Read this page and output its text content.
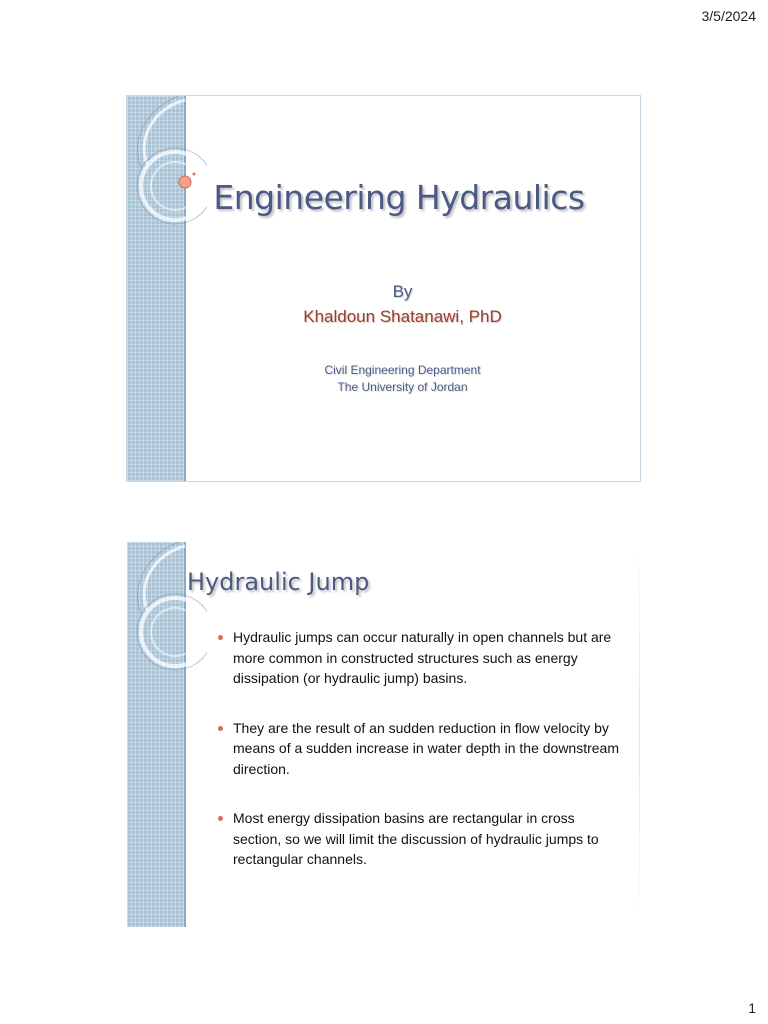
3/5/2024
Engineering Hydraulics
By
Khaldoun Shatanawi, PhD
Civil Engineering Department
The University of Jordan
Hydraulic Jump
Hydraulic jumps can occur naturally in open channels but are more common in constructed structures such as energy dissipation (or hydraulic jump) basins.
They are the result of an sudden reduction in flow velocity by means of a sudden increase in water depth in the downstream direction.
Most energy dissipation basins are rectangular in cross section, so we will limit the discussion of hydraulic jumps to rectangular channels.
1
